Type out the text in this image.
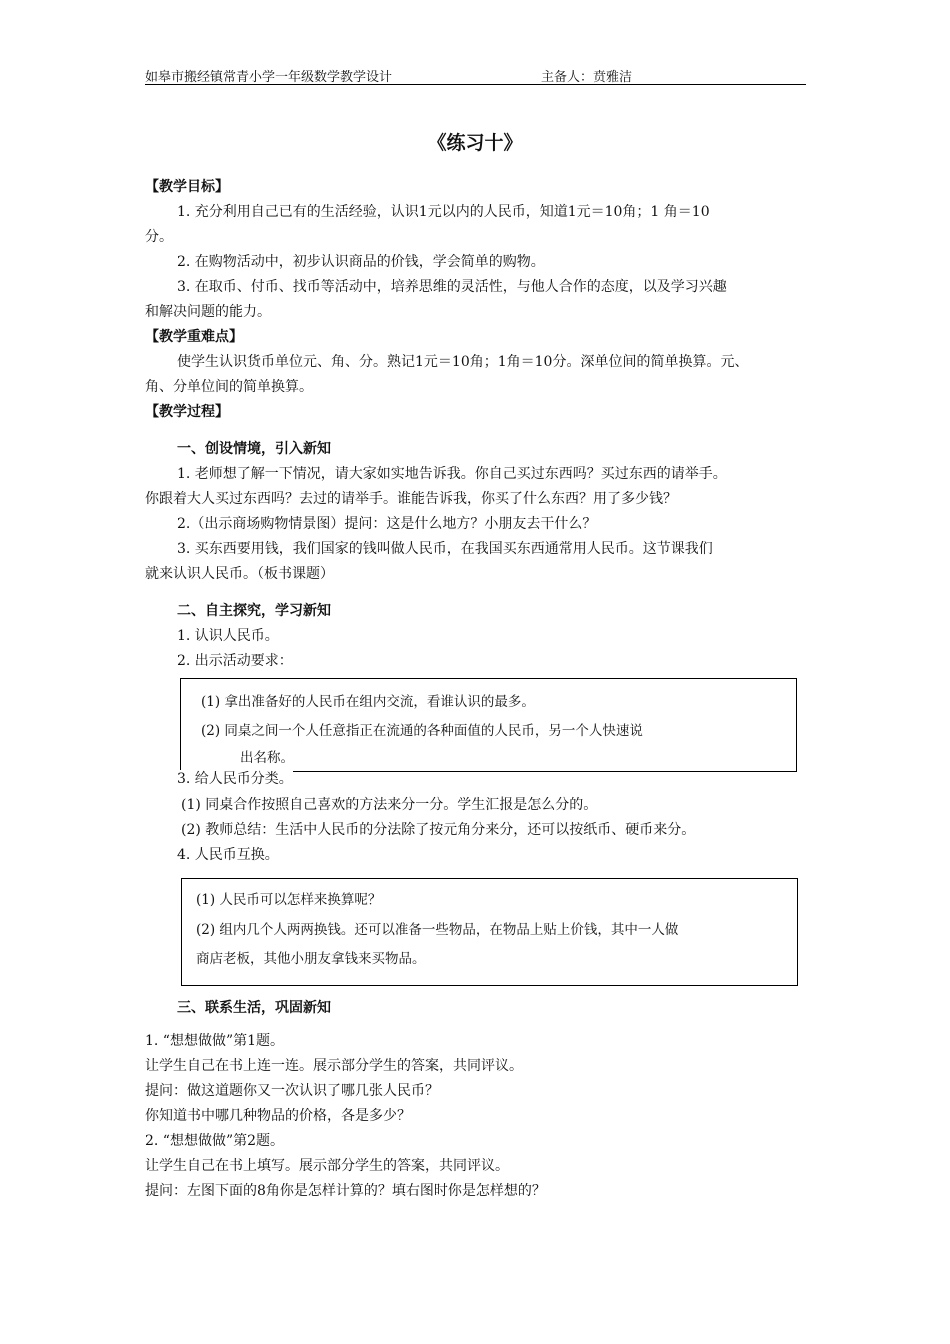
如皋市搬经镇常青小学一年级数学教学设计	主备人：贲雅洁
《练习十》
【教学目标】
1. 充分利用自己已有的生活经验，认识1元以内的人民币，知道1元＝10角；1 角＝10
分。
2. 在购物活动中，初步认识商品的价钱，学会简单的购物。
3. 在取币、付币、找币等活动中，培养思维的灵活性，与他人合作的态度，以及学习兴趣
和解决问题的能力。
【教学重难点】
使学生认识货币单位元、角、分。熟记1元＝10角；1角＝10分。深单位间的简单换算。元、
角、分单位间的简单换算。
【教学过程】
一、创设情境，引入新知
1. 老师想了解一下情况，请大家如实地告诉我。你自己买过东西吗？买过东西的请举手。
你跟着大人买过东西吗？去过的请举手。谁能告诉我，你买了什么东西？用了多少钱？
2.（出示商场购物情景图）提问：这是什么地方？小朋友去干什么？
3. 买东西要用钱，我们国家的钱叫做人民币，在我国买东西通常用人民币。这节课我们
就来认识人民币。（板书课题）
二、自主探究，学习新知
1. 认识人民币。
2. 出示活动要求：
(1) 拿出准备好的人民币在组内交流，看谁认识的最多。
(2) 同桌之间一个人任意指正在流通的各种面值的人民币，另一个人快速说
出名称。
3. 给人民币分类。
(1) 同桌合作按照自己喜欢的方法来分一分。学生汇报是怎么分的。
(2) 教师总结：生活中人民币的分法除了按元角分来分，还可以按纸币、硬币来分。
4. 人民币互换。
(1) 人民币可以怎样来换算呢？
(2) 组内几个人两两换钱。还可以准备一些物品，在物品上贴上价钱，其中一人做
商店老板，其他小朋友拿钱来买物品。
三、联系生活，巩固新知
1. “想想做做”第1题。
让学生自己在书上连一连。展示部分学生的答案，共同评议。
提问：做这道题你又一次认识了哪几张人民币？
你知道书中哪几种物品的价格，各是多少？
2. “想想做做”第2题。
让学生自己在书上填写。展示部分学生的答案，共同评议。
提问：左图下面的8角你是怎样计算的？填右图时你是怎样想的？
